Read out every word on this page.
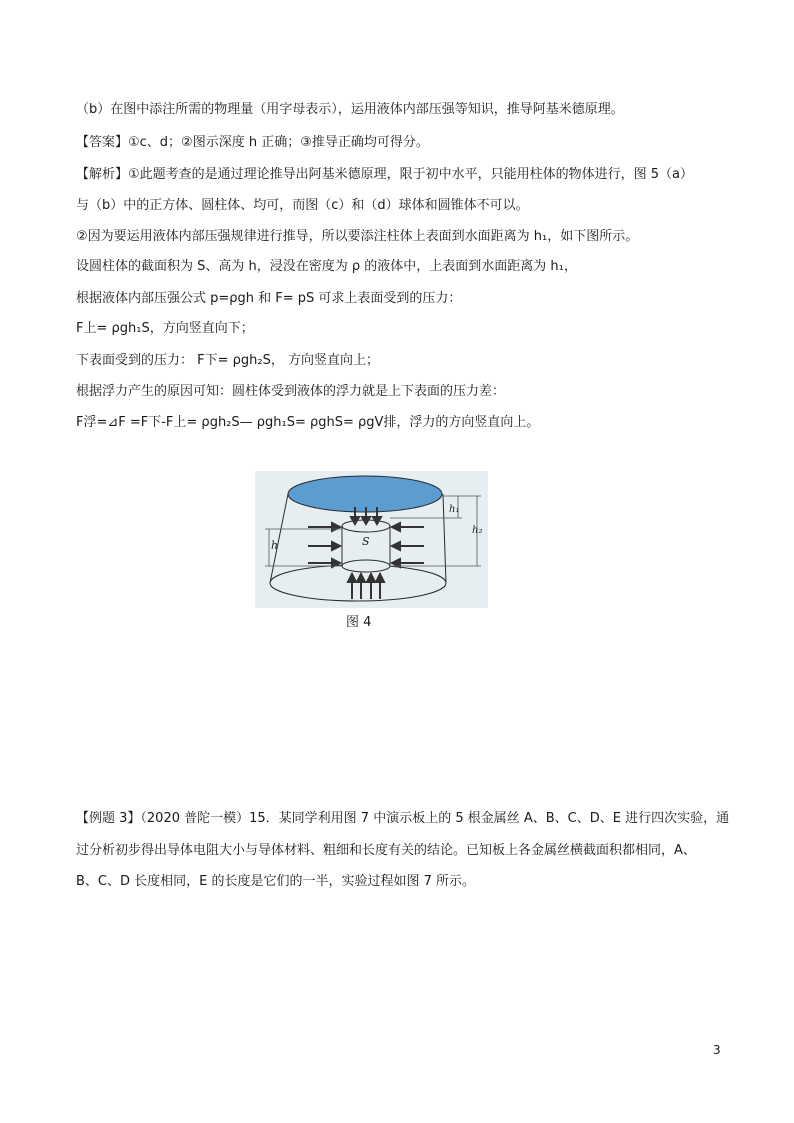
（b）在图中添注所需的物理量（用字母表示），运用液体内部压强等知识，推导阿基米德原理。
【答案】①c、d；②图示深度 h 正确；③推导正确均可得分。
【解析】①此题考查的是通过理论推导出阿基米德原理，限于初中水平，只能用柱体的物体进行，图 5（a）
与（b）中的正方体、圆柱体、均可，而图（c）和（d）球体和圆锥体不可以。
②因为要运用液体内部压强规律进行推导，所以要添注柱体上表面到水面距离为 h₁，如下图所示。
设圆柱体的截面积为 S、高为 h，浸没在密度为 ρ 的液体中，上表面到水面距离为 h₁，
根据液体内部压强公式 p=ρgh 和 F= pS 可求上表面受到的压力：
F上= ρgh₁S，方向竖直向下；
下表面受到的压力： F下= ρgh₂S， 方向竖直向上；
根据浮力产生的原因可知：圆柱体受到液体的浮力就是上下表面的压力差：
F浮=⊿F =F下-F上= ρgh₂S— ρgh₁S= ρghS= ρgV排，浮力的方向竖直向上。
S
h
h₁
h₂
图 4
【例题 3】（2020 普陀一模）15．某同学利用图 7 中演示板上的 5 根金属丝 A、B、C、D、E 进行四次实验，通
过分析初步得出导体电阻大小与导体材料、粗细和长度有关的结论。已知板上各金属丝横截面积都相同，A、
B、C、D 长度相同，E 的长度是它们的一半，实验过程如图 7 所示。
3
